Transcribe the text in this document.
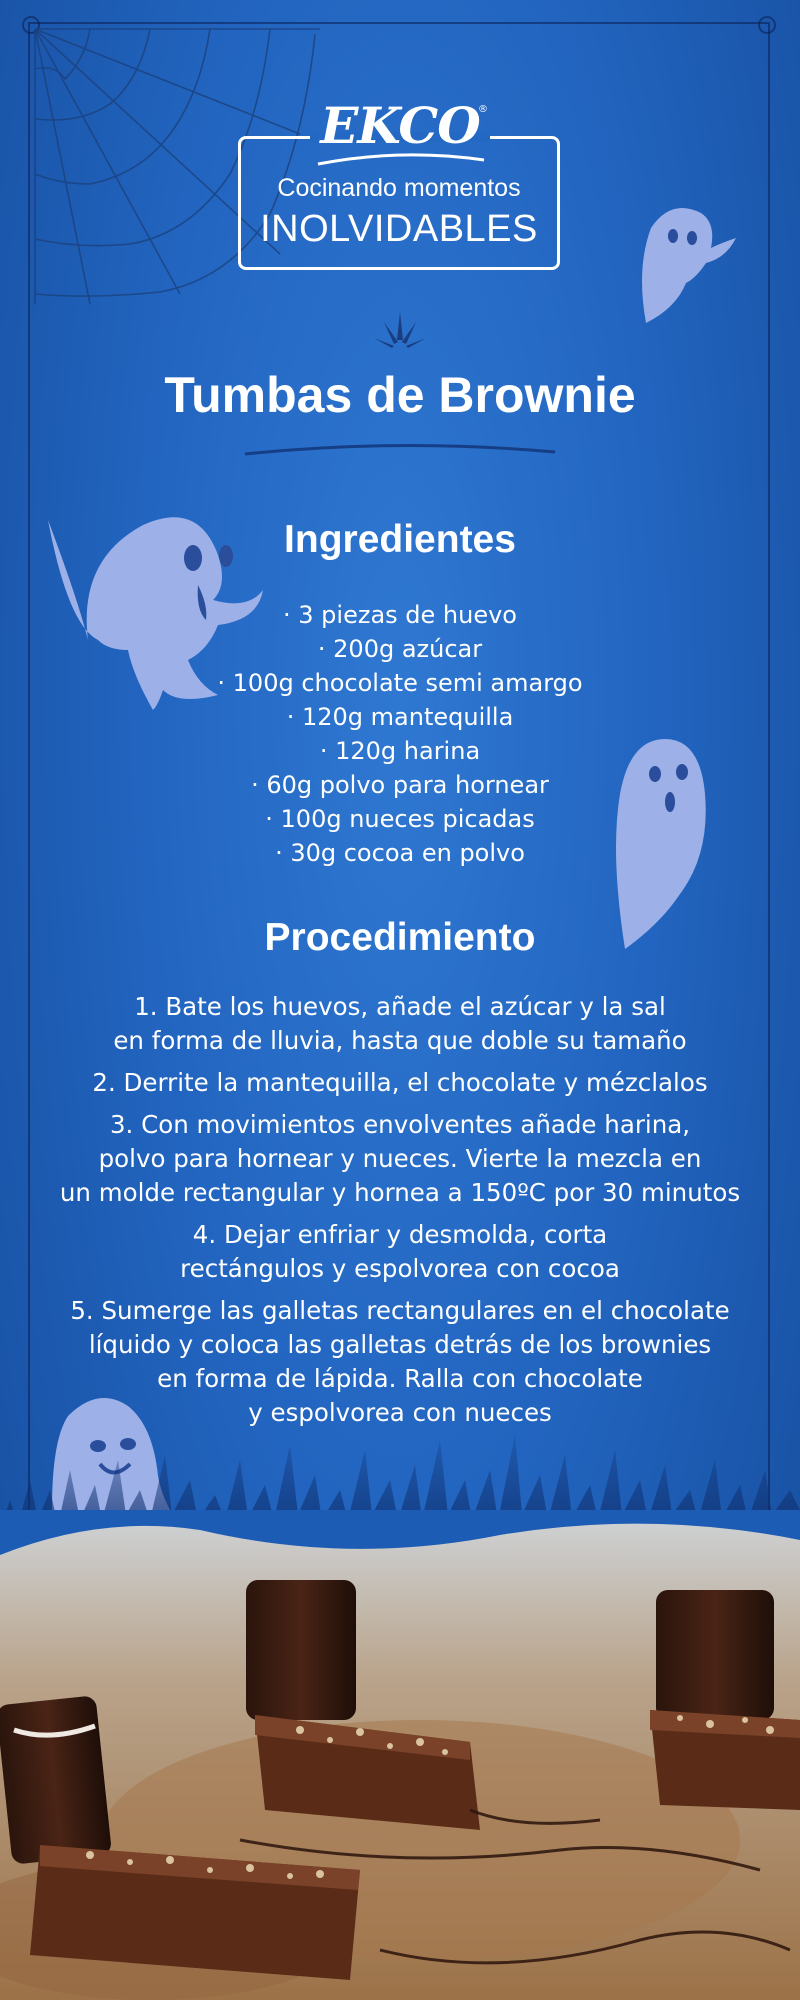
EKCO
®
Cocinando momentos
INOLVIDABLES
Tumbas de Brownie
Ingredientes
· 3 piezas de huevo
· 200g azúcar
· 100g chocolate semi amargo
· 120g mantequilla
· 120g harina
· 60g polvo para hornear
· 100g nueces picadas
· 30g cocoa en polvo
Procedimiento
1. Bate los huevos, añade el azúcar y la sal
en forma de lluvia, hasta que doble su tamaño
2. Derrite la mantequilla, el chocolate y mézclalos
3. Con movimientos envolventes añade harina,
polvo para hornear y nueces. Vierte la mezcla en
un molde rectangular y hornea a 150ºC por 30 minutos
4. Dejar enfriar y desmolda, corta
rectángulos y espolvorea con cocoa
5. Sumerge las galletas rectangulares en el chocolate
líquido y coloca las galletas detrás de los brownies
en forma de lápida. Ralla con chocolate
y espolvorea con nueces
